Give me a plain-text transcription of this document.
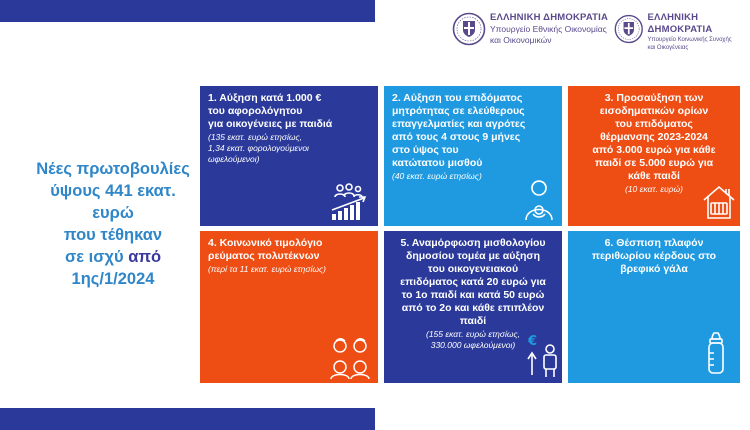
ΕΛΛΗΝΙΚΗ ΔΗΜΟΚΡΑΤΙΑ
Υπουργείο Εθνικής Οικονομίας
και Οικονομικών
ΕΛΛΗΝΙΚΗ ΔΗΜΟΚΡΑΤΙΑ
Υπουργείο Κοινωνικής Συνοχής
και Οικογένειας
Νέες πρωτοβουλίες
ύψους 441 εκατ.
ευρώ
που τέθηκαν
σε ισχύ από
1ης/1/2024
1. Αύξηση κατά 1.000 €
του αφορολόγητου
για οικογένειες με παιδιά
(135 εκατ. ευρώ ετησίως,
1,34 εκατ. φορολογούμενοι
ωφελούμενοι)
2. Αύξηση του επιδόματος
μητρότητας σε ελεύθερους
επαγγελματίες και αγρότες
από τους 4 στους 9 μήνες
στο ύψος του
κατώτατου μισθού
(40 εκατ. ευρώ ετησίως)
3. Προσαύξηση των
εισοδηματικών ορίων
του επιδόματος
θέρμανσης 2023-2024
από 3.000 ευρώ για κάθε
παιδί σε 5.000 ευρώ για
κάθε παιδί
(10 εκατ. ευρώ)
4. Κοινωνικό τιμολόγιο
ρεύματος πολυτέκνων
(περί τα 11 εκατ. ευρώ ετησίως)
5. Αναμόρφωση μισθολογίου
δημοσίου τομέα με αύξηση
του οικογενειακού
επιδόματος κατά 20 ευρώ για
το 1ο παιδί και κατά 50 ευρώ
από το 2ο και κάθε επιπλέον
παιδί
(155 εκατ. ευρώ ετησίως,
330.000 ωφελούμενοι) €
6. Θέσπιση πλαφόν
περιθωρίου κέρδους στο
βρεφικό γάλα
